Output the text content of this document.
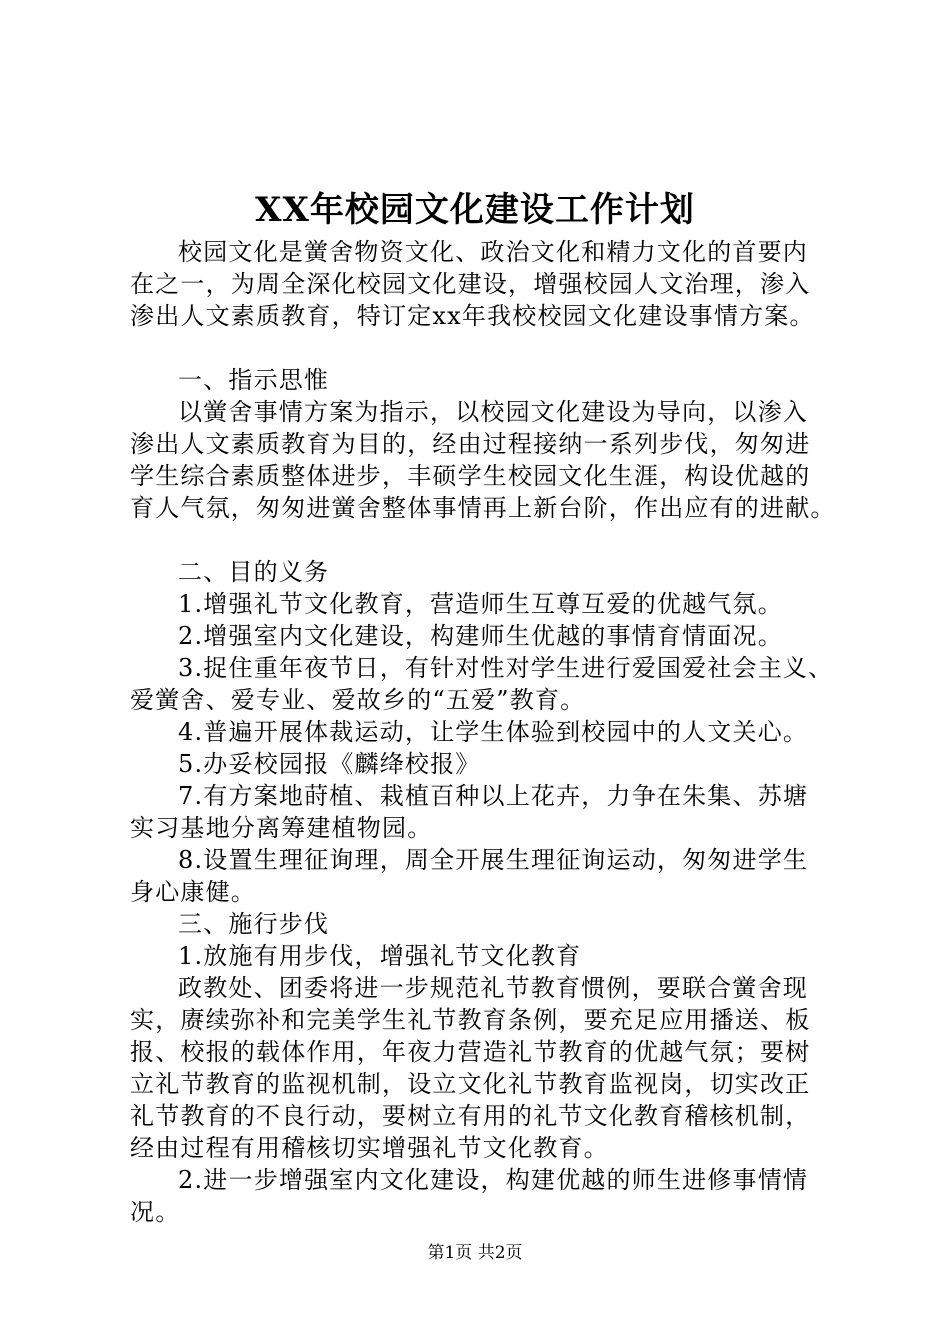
XX年校园文化建设工作计划
校园文化是黉舍物资文化、政治文化和精力文化的首要内
在之一，为周全深化校园文化建设，增强校园人文治理，渗入
渗出人文素质教育，特订定xx年我校校园文化建设事情方案。
一、指示思惟
以黉舍事情方案为指示，以校园文化建设为导向，以渗入
渗出人文素质教育为目的，经由过程接纳一系列步伐，匆匆进
学生综合素质整体进步，丰硕学生校园文化生涯，构设优越的
育人气氛，匆匆进黉舍整体事情再上新台阶，作出应有的进献。
二、目的义务
1.增强礼节文化教育，营造师生互尊互爱的优越气氛。
2.增强室内文化建设，构建师生优越的事情育情面况。
3.捉住重年夜节日，有针对性对学生进行爱国爱社会主义、
爱黉舍、爱专业、爱故乡的“五爱”教育。
4.普遍开展体裁运动，让学生体验到校园中的人文关心。
5.办妥校园报《麟绛校报》
7.有方案地莳植、栽植百种以上花卉，力争在朱集、苏塘
实习基地分离筹建植物园。
8.设置生理征询理，周全开展生理征询运动，匆匆进学生
身心康健。
三、施行步伐
1.放施有用步伐，增强礼节文化教育
政教处、团委将进一步规范礼节教育惯例，要联合黉舍现
实，赓续弥补和完美学生礼节教育条例，要充足应用播送、板
报、校报的载体作用，年夜力营造礼节教育的优越气氛；要树
立礼节教育的监视机制，设立文化礼节教育监视岗，切实改正
礼节教育的不良行动，要树立有用的礼节文化教育稽核机制，
经由过程有用稽核切实增强礼节文化教育。
2.进一步增强室内文化建设，构建优越的师生进修事情情
况。
第1页 共2页
